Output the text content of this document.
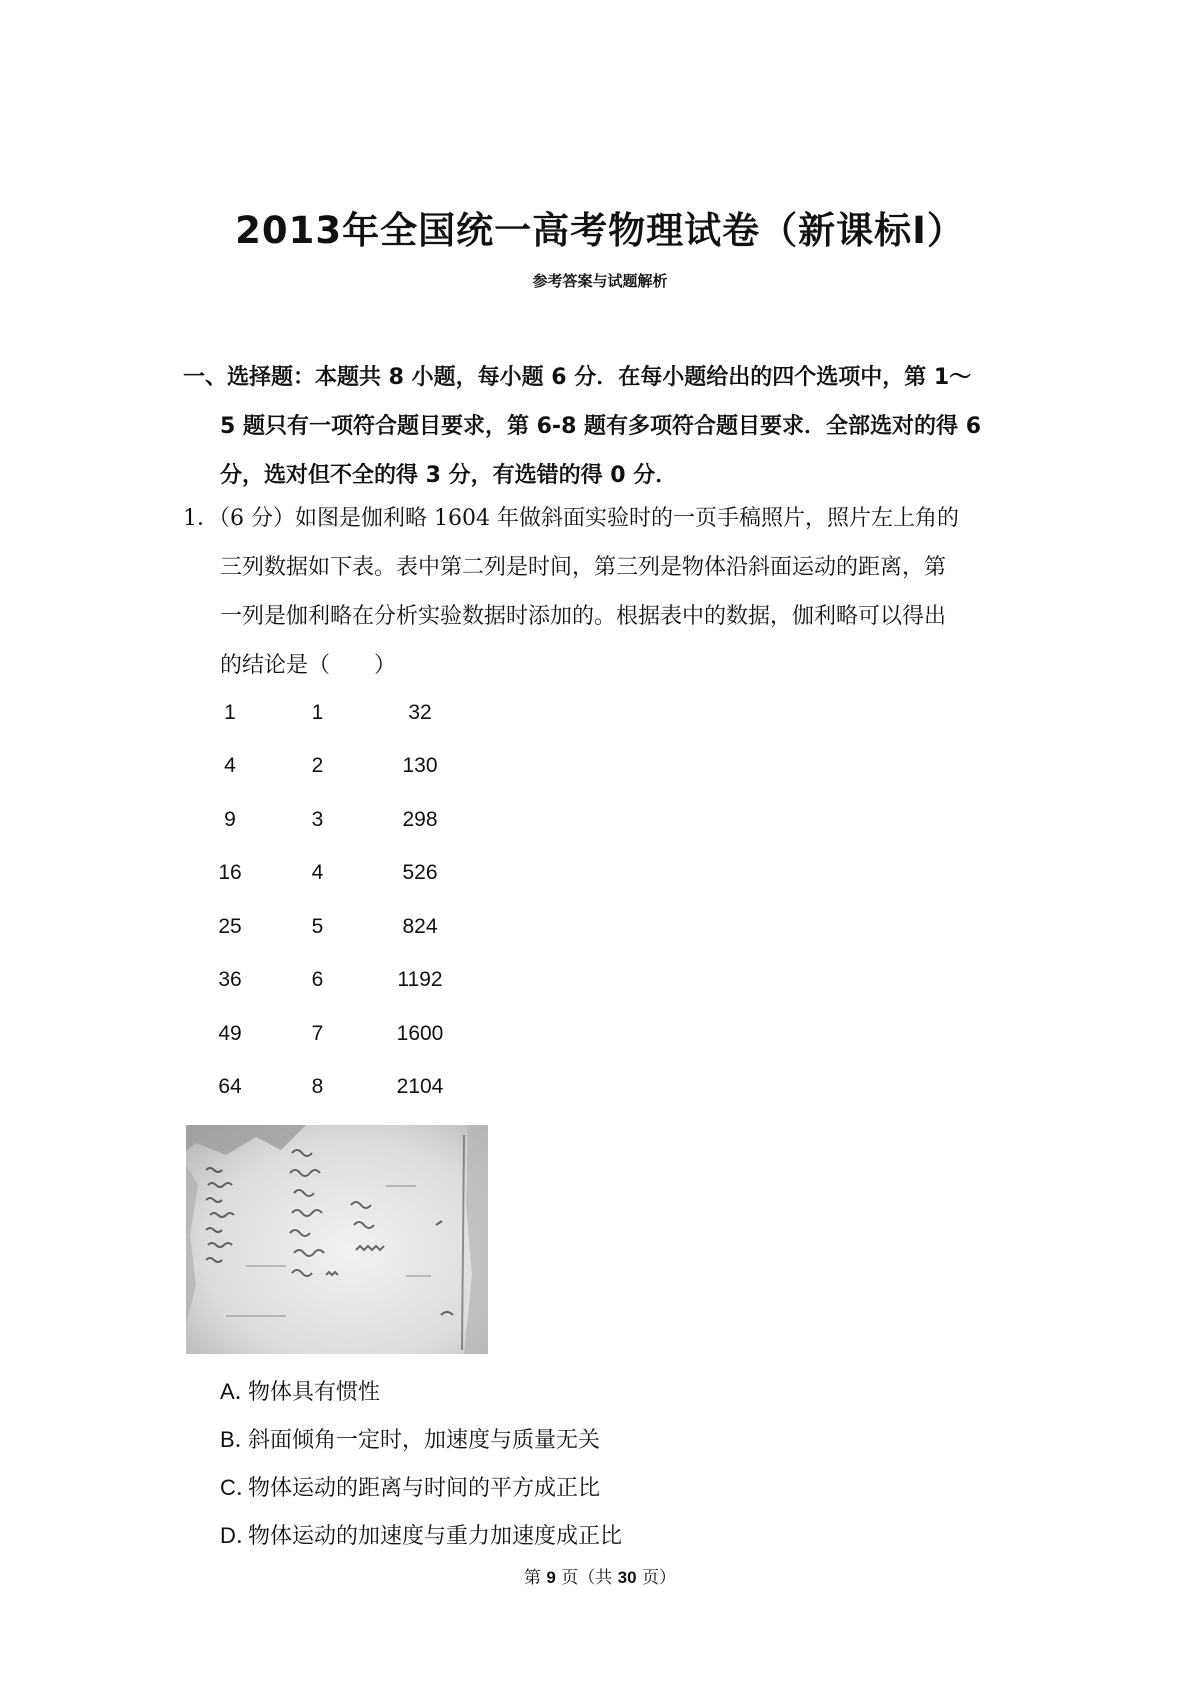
2013年全国统一高考物理试卷（新课标Ⅰ）
参考答案与试题解析
一、选择题：本题共 8 小题，每小题 6 分．在每小题给出的四个选项中，第 1～
5 题只有一项符合题目要求，第 6-8 题有多项符合题目要求．全部选对的得 6
分，选对但不全的得 3 分，有选错的得 0 分．
1．（6 分）如图是伽利略 1604 年做斜面实验时的一页手稿照片，照片左上角的
三列数据如下表。表中第二列是时间，第三列是物体沿斜面运动的距离，第
一列是伽利略在分析实验数据时添加的。根据表中的数据，伽利略可以得出
的结论是（　　）
1	1	32
4	2	130
9	3	298
16	4	526
25	5	824
36	6	1192
49	7	1600
64	8	2104
A．物体具有惯性
B．斜面倾角一定时，加速度与质量无关
C．物体运动的距离与时间的平方成正比
D．物体运动的加速度与重力加速度成正比
第 9 页（共 30 页）
